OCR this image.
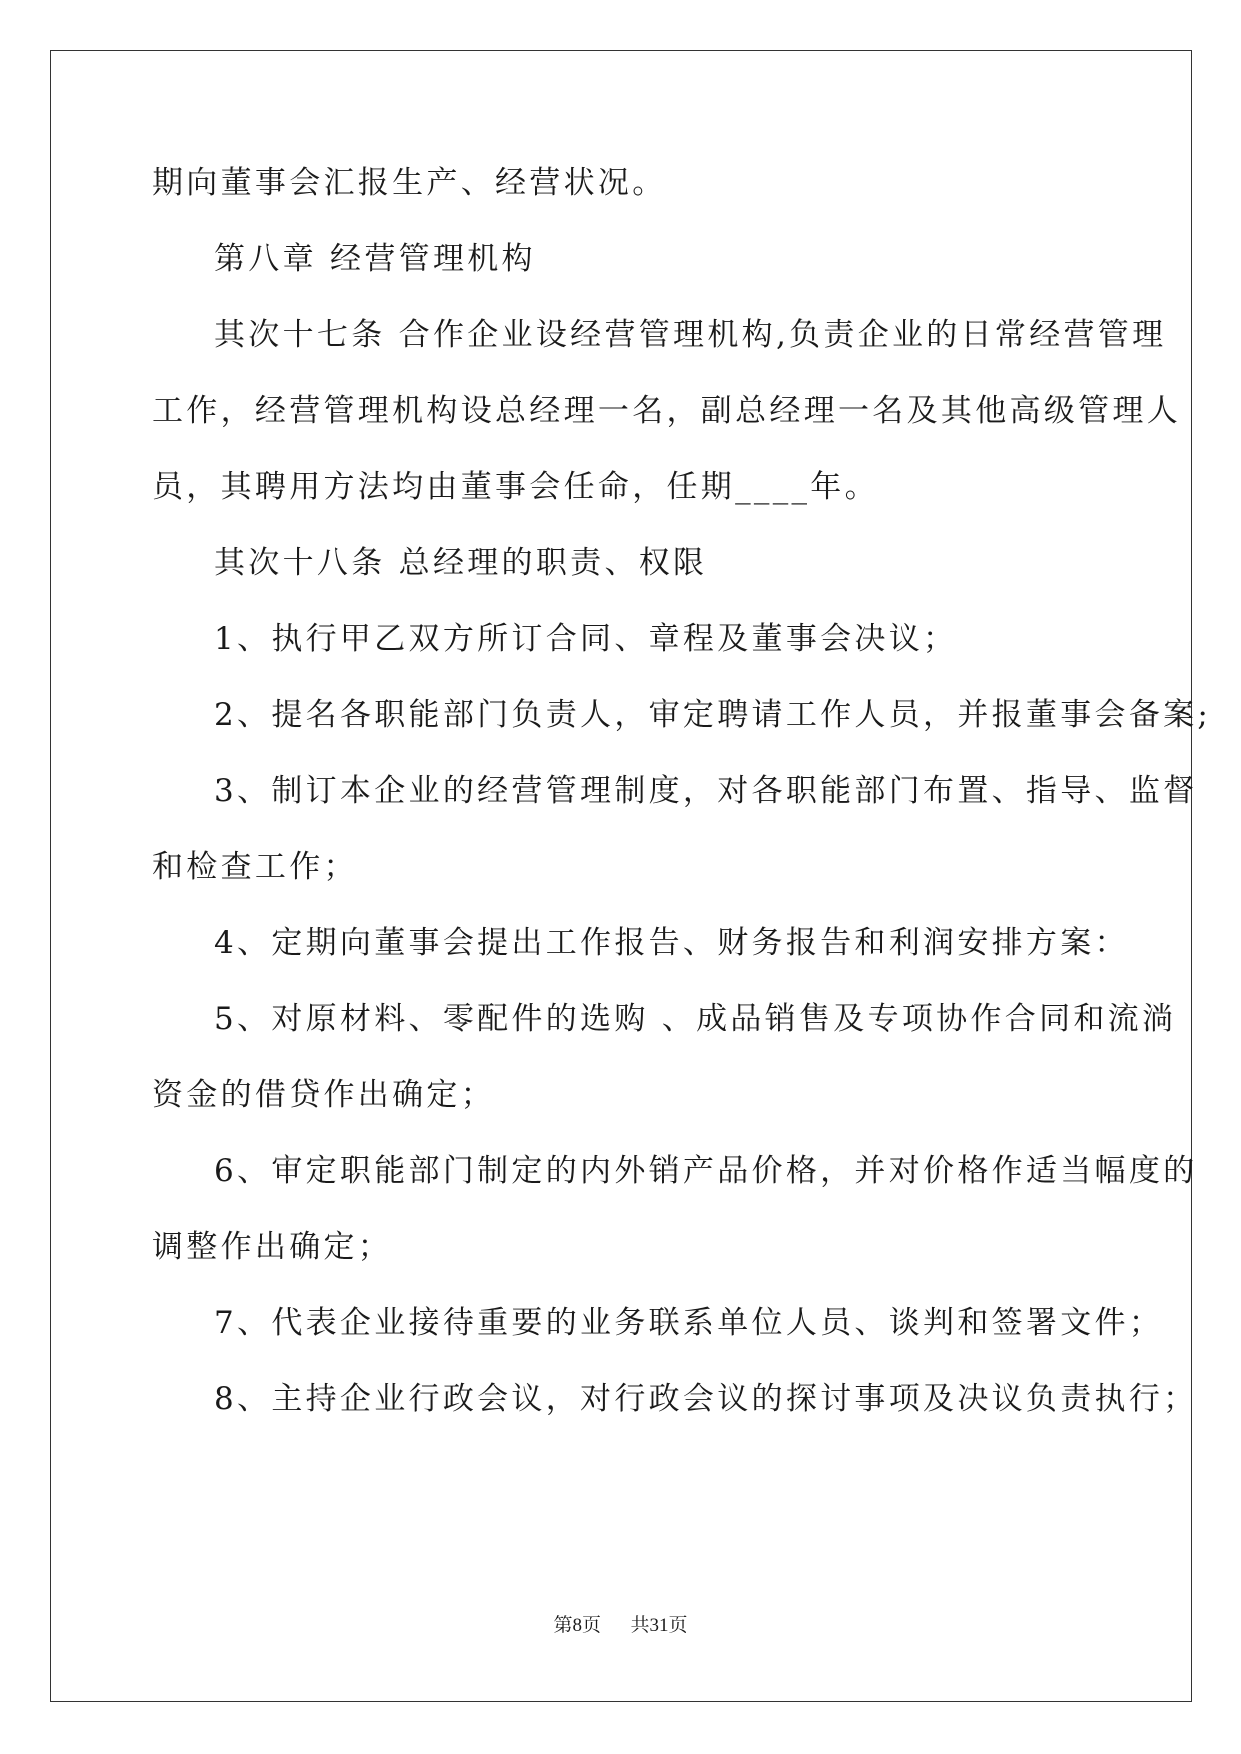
期向董事会汇报生产、经营状况。
第八章 经营管理机构
其次十七条 合作企业设经营管理机构,负责企业的日常经营管理
工作，经营管理机构设总经理一名，副总经理一名及其他高级管理人
员，其聘用方法均由董事会任命，任期____年。
其次十八条 总经理的职责、权限
1、执行甲乙双方所订合同、章程及董事会决议；
2、提名各职能部门负责人，审定聘请工作人员，并报董事会备案;
3、制订本企业的经营管理制度，对各职能部门布置、指导、监督
和检查工作；
4、定期向董事会提出工作报告、财务报告和利润安排方案：
5、对原材料、零配件的选购 、成品销售及专项协作合同和流淌
资金的借贷作出确定；
6、审定职能部门制定的内外销产品价格，并对价格作适当幅度的
调整作出确定；
7、代表企业接待重要的业务联系单位人员、谈判和签署文件；
8、主持企业行政会议，对行政会议的探讨事项及决议负责执行；
第8页 共31页
